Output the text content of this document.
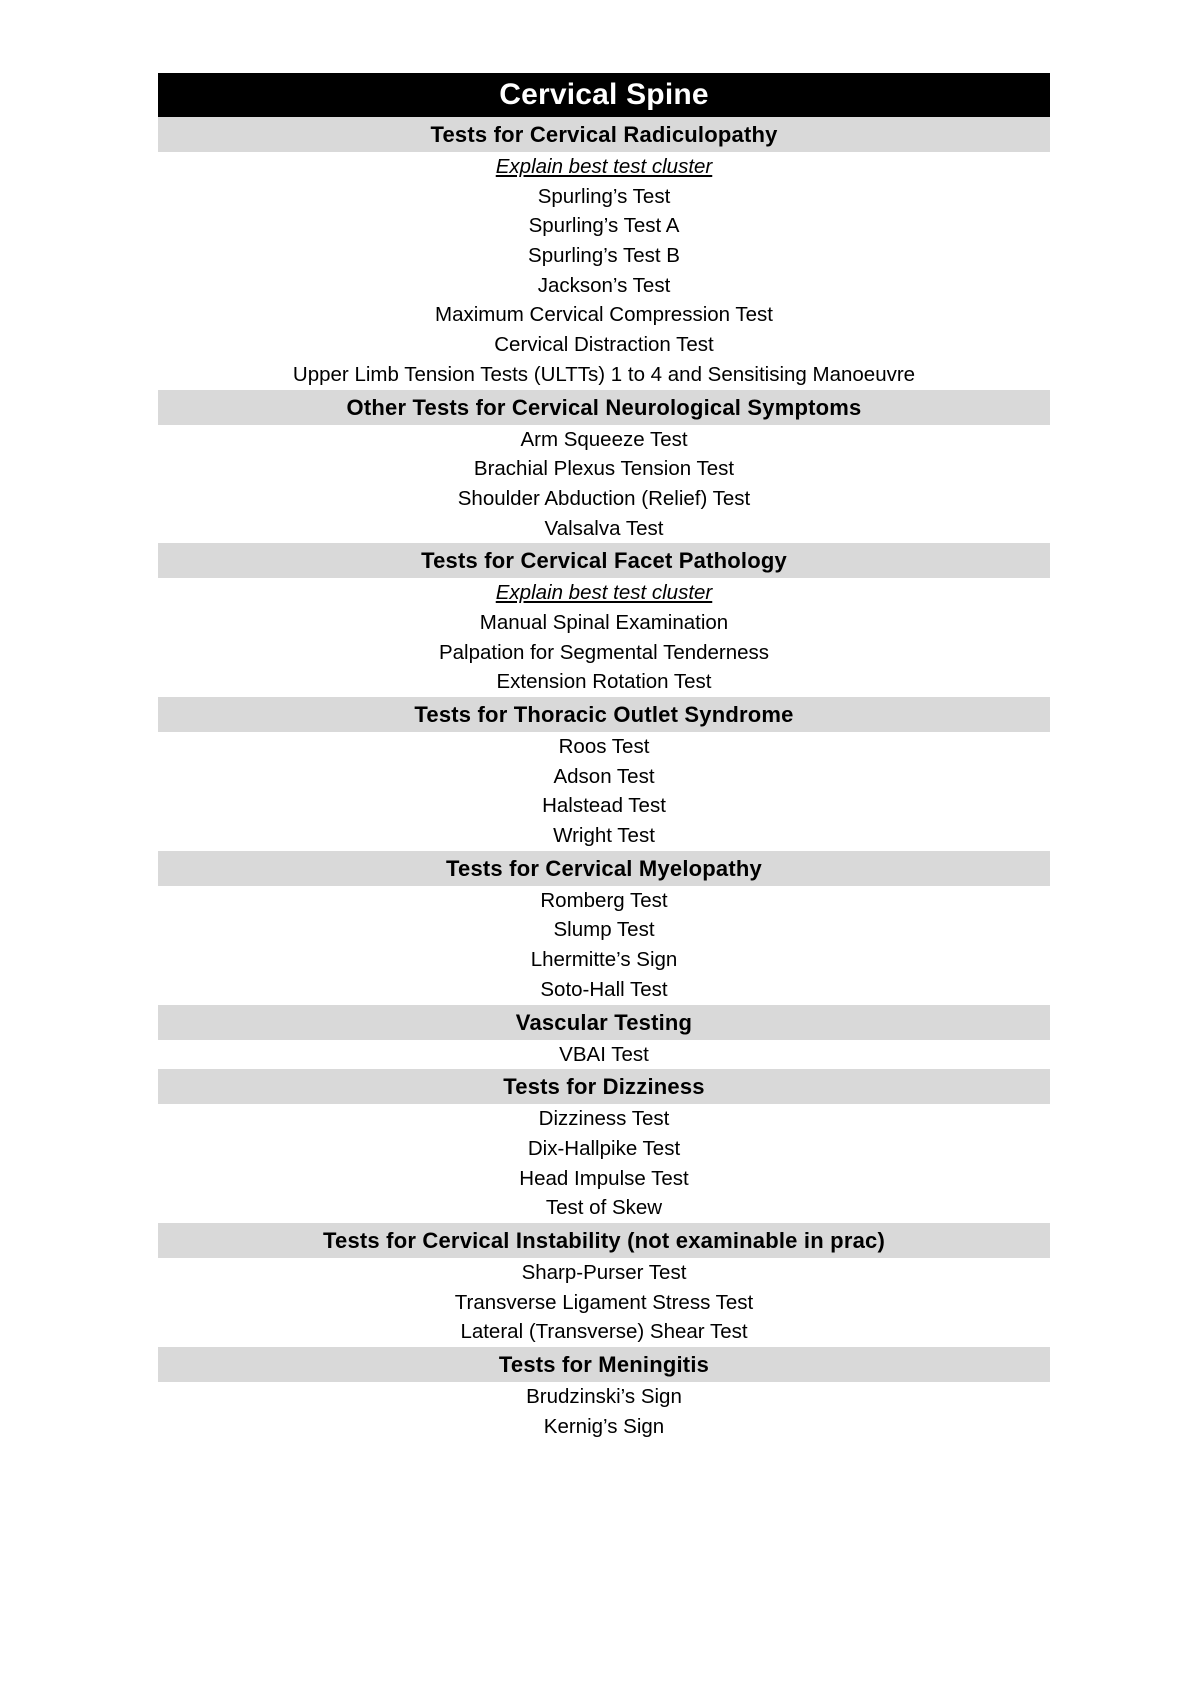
Cervical Spine
Tests for Cervical Radiculopathy
Explain best test cluster
Spurling’s Test
Spurling’s Test A
Spurling’s Test B
Jackson’s Test
Maximum Cervical Compression Test
Cervical Distraction Test
Upper Limb Tension Tests (ULTTs) 1 to 4 and Sensitising Manoeuvre
Other Tests for Cervical Neurological Symptoms
Arm Squeeze Test
Brachial Plexus Tension Test
Shoulder Abduction (Relief) Test
Valsalva Test
Tests for Cervical Facet Pathology
Explain best test cluster
Manual Spinal Examination
Palpation for Segmental Tenderness
Extension Rotation Test
Tests for Thoracic Outlet Syndrome
Roos Test
Adson Test
Halstead Test
Wright Test
Tests for Cervical Myelopathy
Romberg Test
Slump Test
Lhermitte’s Sign
Soto-Hall Test
Vascular Testing
VBAI Test
Tests for Dizziness
Dizziness Test
Dix-Hallpike Test
Head Impulse Test
Test of Skew
Tests for Cervical Instability (not examinable in prac)
Sharp-Purser Test
Transverse Ligament Stress Test
Lateral (Transverse) Shear Test
Tests for Meningitis
Brudzinski’s Sign
Kernig’s Sign
